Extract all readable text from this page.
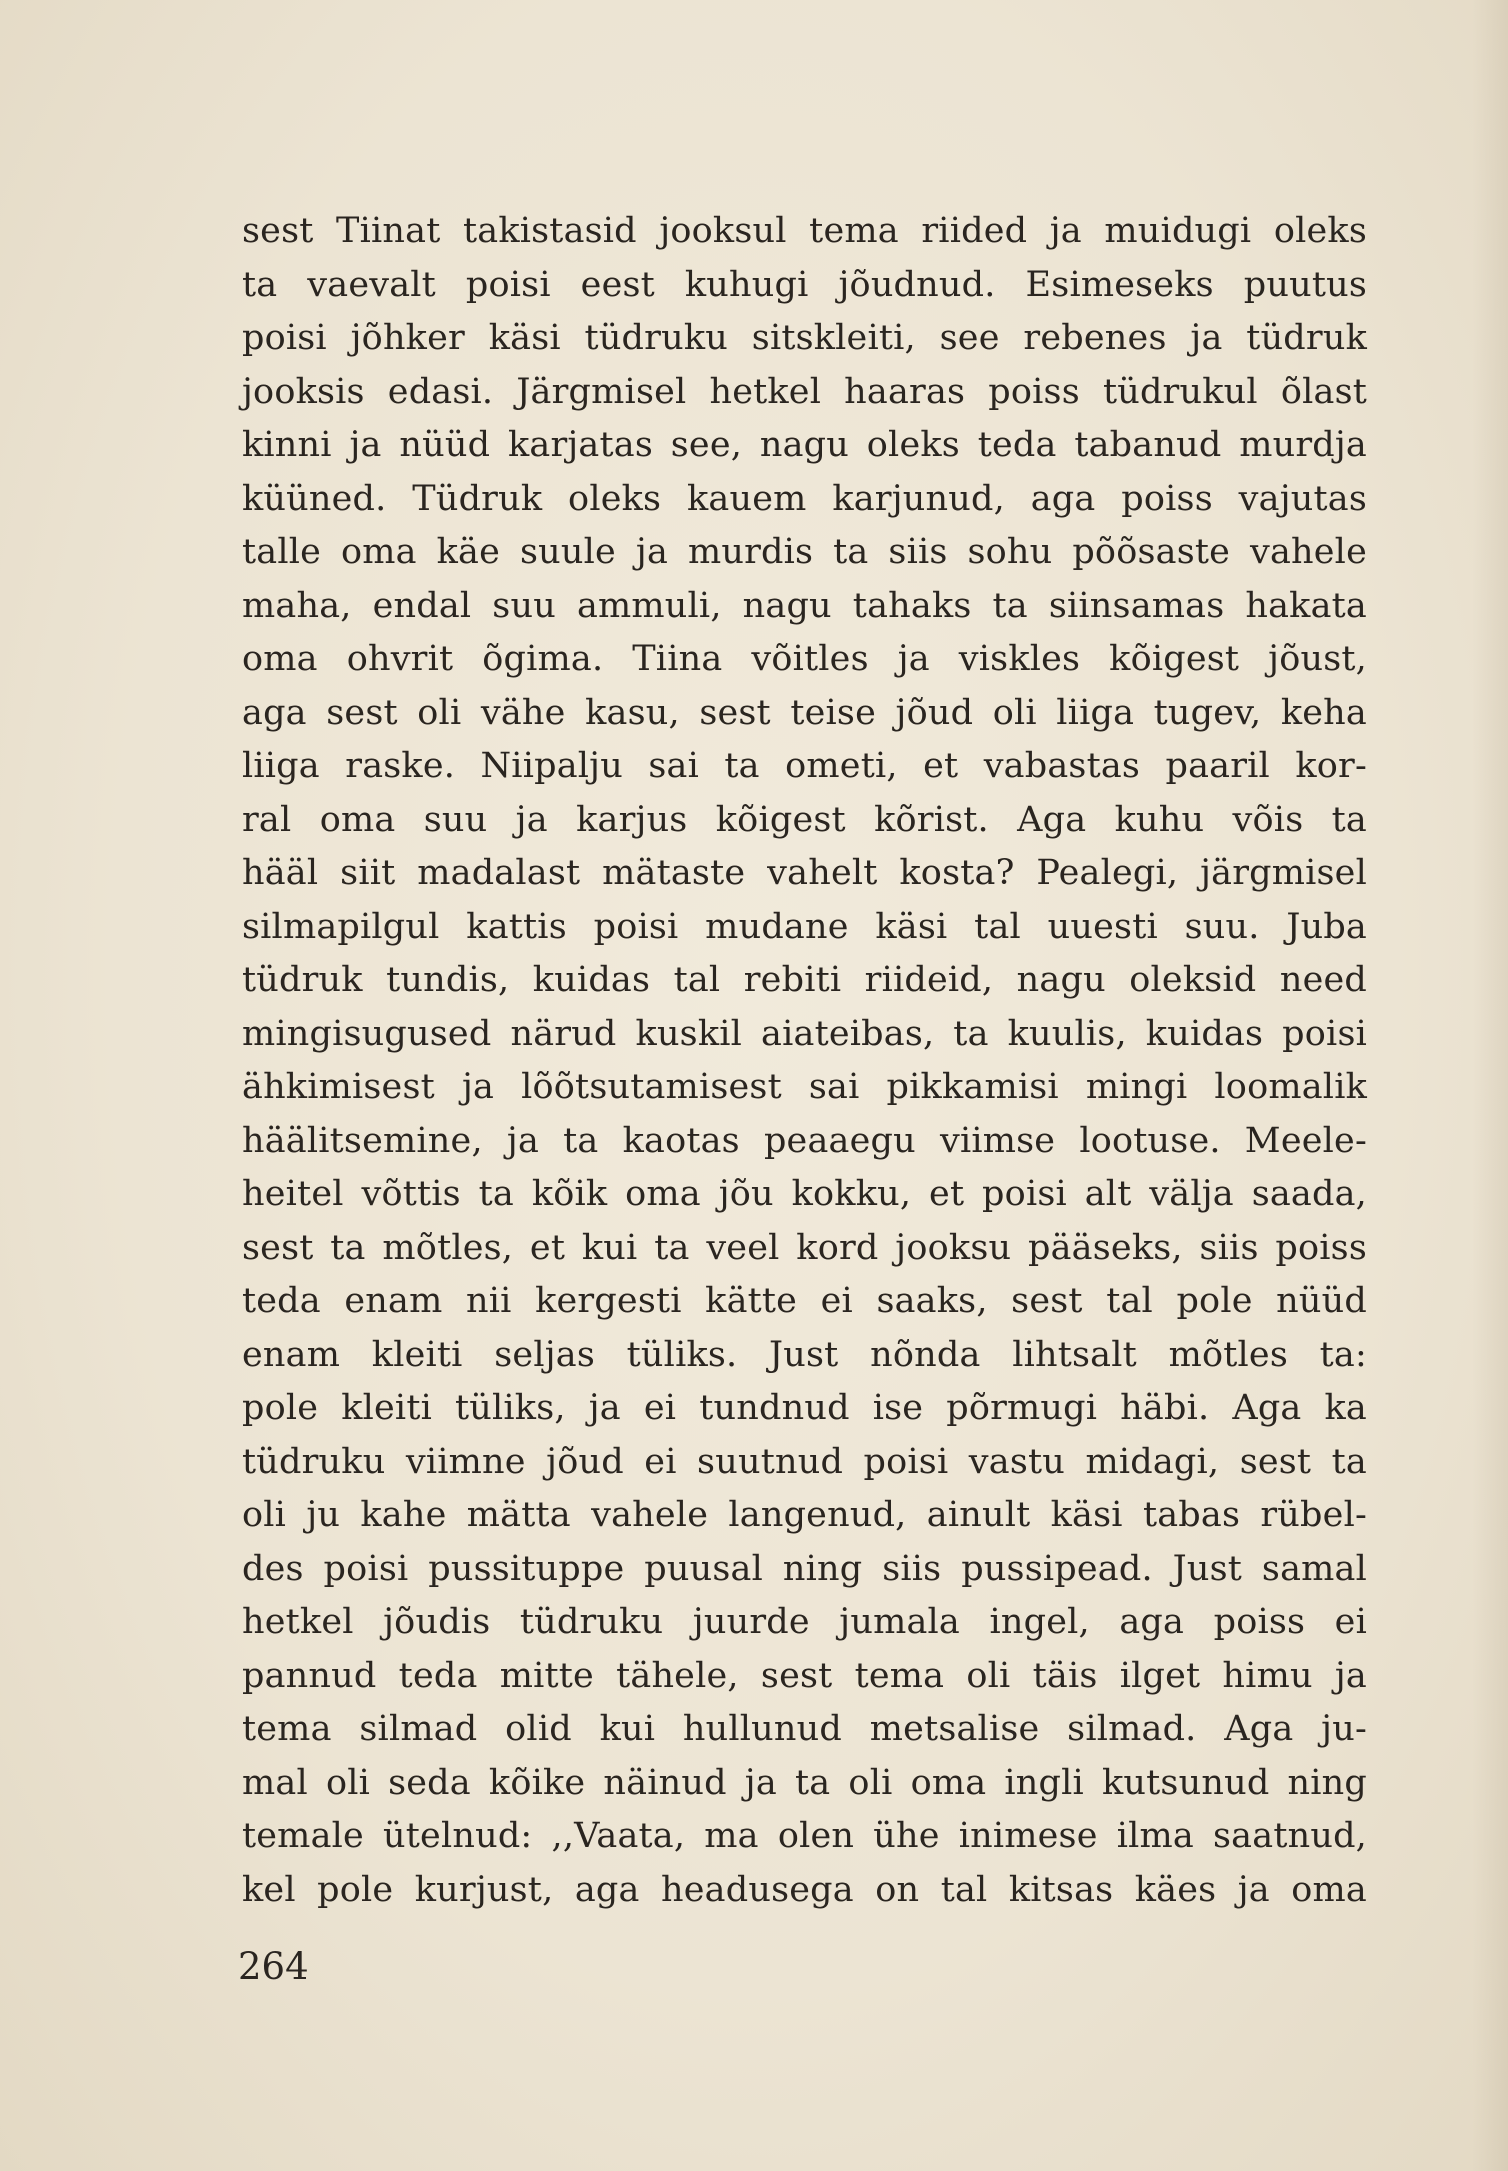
sest Tiinat takistasid jooksul tema riided ja muidugi oleks
ta vaevalt poisi eest kuhugi jõudnud. Esimeseks puutus
poisi jõhker käsi tüdruku sitskleiti, see rebenes ja tüdruk
jooksis edasi. Järgmisel hetkel haaras poiss tüdrukul õlast
kinni ja nüüd karjatas see, nagu oleks teda tabanud murdja
küüned. Tüdruk oleks kauem karjunud, aga poiss vajutas
talle oma käe suule ja murdis ta siis sohu põõsaste vahele
maha, endal suu ammuli, nagu tahaks ta siinsamas hakata
oma ohvrit õgima. Tiina võitles ja viskles kõigest jõust,
aga sest oli vähe kasu, sest teise jõud oli liiga tugev, keha
liiga raske. Niipalju sai ta ometi, et vabastas paaril kor-
ral oma suu ja karjus kõigest kõrist. Aga kuhu võis ta
hääl siit madalast mätaste vahelt kosta? Pealegi, järgmisel
silmapilgul kattis poisi mudane käsi tal uuesti suu. Juba
tüdruk tundis, kuidas tal rebiti riideid, nagu oleksid need
mingisugused närud kuskil aiateibas, ta kuulis, kuidas poisi
ähkimisest ja lõõtsutamisest sai pikkamisi mingi loomalik
häälitsemine, ja ta kaotas peaaegu viimse lootuse. Meele-
heitel võttis ta kõik oma jõu kokku, et poisi alt välja saada,
sest ta mõtles, et kui ta veel kord jooksu pääseks, siis poiss
teda enam nii kergesti kätte ei saaks, sest tal pole nüüd
enam kleiti seljas tüliks. Just nõnda lihtsalt mõtles ta:
pole kleiti tüliks, ja ei tundnud ise põrmugi häbi. Aga ka
tüdruku viimne jõud ei suutnud poisi vastu midagi, sest ta
oli ju kahe mätta vahele langenud, ainult käsi tabas rübel-
des poisi pussituppe puusal ning siis pussipead. Just samal
hetkel jõudis tüdruku juurde jumala ingel, aga poiss ei
pannud teda mitte tähele, sest tema oli täis ilget himu ja
tema silmad olid kui hullunud metsalise silmad. Aga ju-
mal oli seda kõike näinud ja ta oli oma ingli kutsunud ning
temale ütelnud: ,,Vaata, ma olen ühe inimese ilma saatnud,
kel pole kurjust, aga headusega on tal kitsas käes ja oma
264
